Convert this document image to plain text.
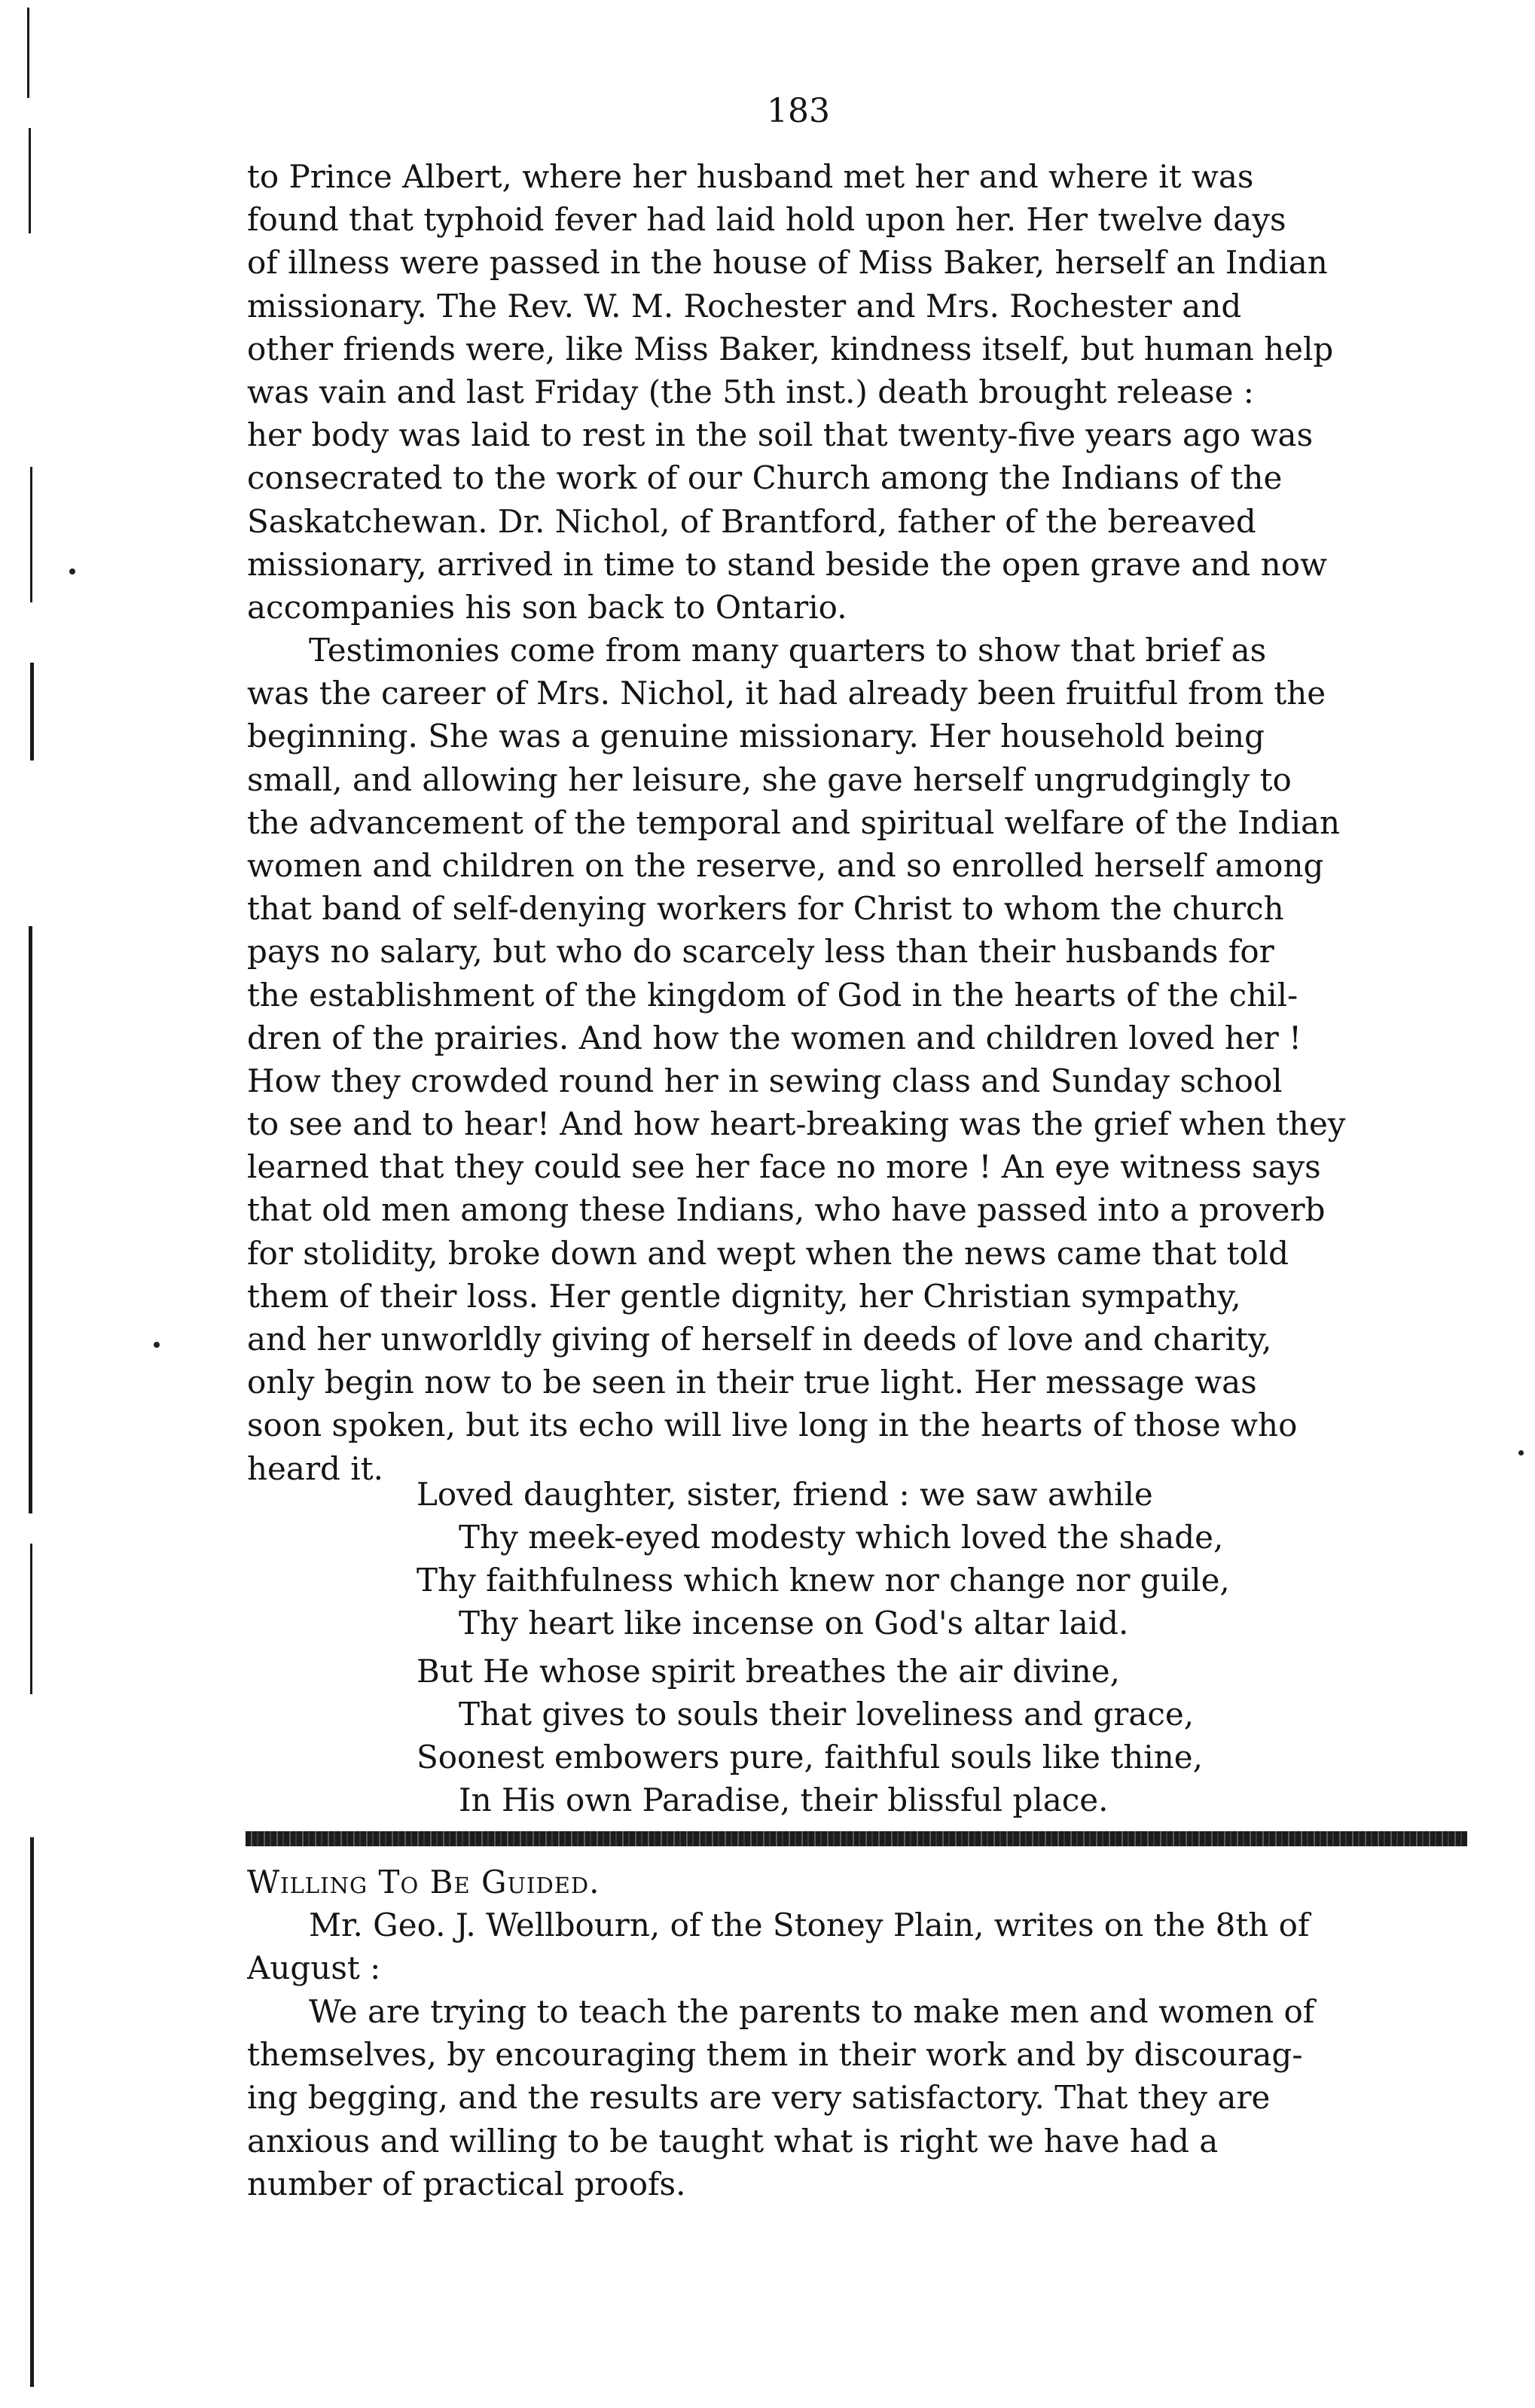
183
to Prince Albert, where her husband met her and where it was
found that typhoid fever had laid hold upon her. Her twelve days
of illness were passed in the house of Miss Baker, herself an Indian
missionary. The Rev. W. M. Rochester and Mrs. Rochester and
other friends were, like Miss Baker, kindness itself, but human help
was vain and last Friday (the 5th inst.) death brought release :
her body was laid to rest in the soil that twenty-five years ago was
consecrated to the work of our Church among the Indians of the
Saskatchewan. Dr. Nichol, of Brantford, father of the bereaved
missionary, arrived in time to stand beside the open grave and now
accompanies his son back to Ontario.
Testimonies come from many quarters to show that brief as
was the career of Mrs. Nichol, it had already been fruitful from the
beginning. She was a genuine missionary. Her household being
small, and allowing her leisure, she gave herself ungrudgingly to
the advancement of the temporal and spiritual welfare of the Indian
women and children on the reserve, and so enrolled herself among
that band of self-denying workers for Christ to whom the church
pays no salary, but who do scarcely less than their husbands for
the establishment of the kingdom of God in the hearts of the chil-
dren of the prairies. And how the women and children loved her !
How they crowded round her in sewing class and Sunday school
to see and to hear! And how heart-breaking was the grief when they
learned that they could see her face no more ! An eye witness says
that old men among these Indians, who have passed into a proverb
for stolidity, broke down and wept when the news came that told
them of their loss. Her gentle dignity, her Christian sympathy,
and her unworldly giving of herself in deeds of love and charity,
only begin now to be seen in their true light. Her message was
soon spoken, but its echo will live long in the hearts of those who
heard it.
Loved daughter, sister, friend : we saw awhile
Thy meek-eyed modesty which loved the shade,
Thy faithfulness which knew nor change nor guile,
Thy heart like incense on God's altar laid.
But He whose spirit breathes the air divine,
That gives to souls their loveliness and grace,
Soonest embowers pure, faithful souls like thine,
In His own Paradise, their blissful place.
Willing To Be Guided.
Mr. Geo. J. Wellbourn, of the Stoney Plain, writes on the 8th of
August :
We are trying to teach the parents to make men and women of
themselves, by encouraging them in their work and by discourag-
ing begging, and the results are very satisfactory. That they are
anxious and willing to be taught what is right we have had a
number of practical proofs.
